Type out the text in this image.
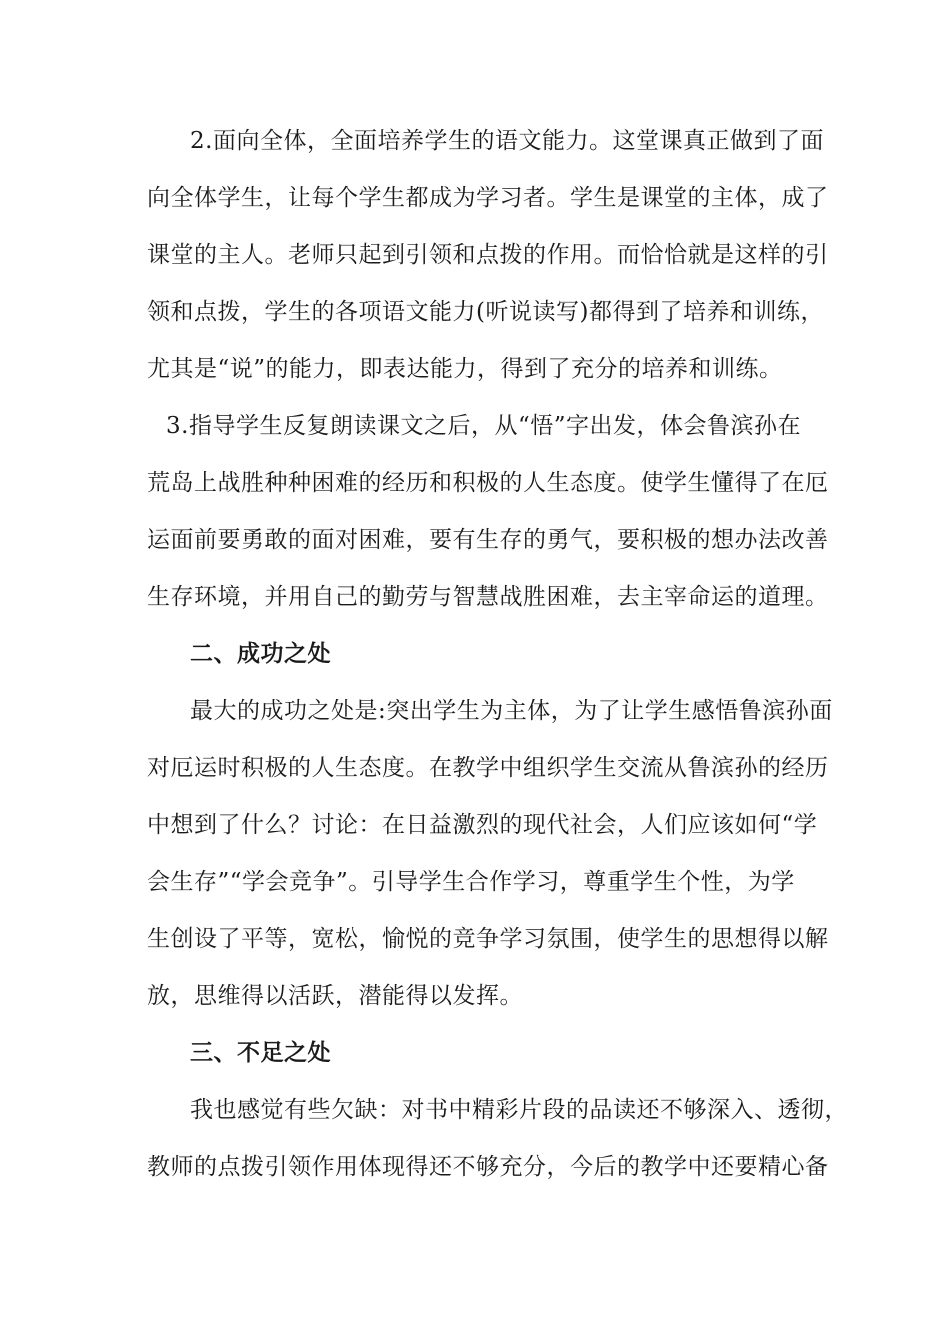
2.面向全体，全面培养学生的语文能力。这堂课真正做到了面
向全体学生，让每个学生都成为学习者。学生是课堂的主体，成了
课堂的主人。老师只起到引领和点拨的作用。而恰恰就是这样的引
领和点拨，学生的各项语文能力(听说读写)都得到了培养和训练，
尤其是“说”的能力，即表达能力，得到了充分的培养和训练。
3.指导学生反复朗读课文之后，从“悟”字出发，体会鲁滨孙在
荒岛上战胜种种困难的经历和积极的人生态度。使学生懂得了在厄
运面前要勇敢的面对困难，要有生存的勇气，要积极的想办法改善
生存环境，并用自己的勤劳与智慧战胜困难，去主宰命运的道理。
二、成功之处
最大的成功之处是:突出学生为主体，为了让学生感悟鲁滨孙面
对厄运时积极的人生态度。在教学中组织学生交流从鲁滨孙的经历
中想到了什么？讨论：在日益激烈的现代社会，人们应该如何“学
会生存”“学会竞争”。引导学生合作学习，尊重学生个性，为学
生创设了平等，宽松，愉悦的竞争学习氛围，使学生的思想得以解
放，思维得以活跃，潜能得以发挥。
三、不足之处
我也感觉有些欠缺：对书中精彩片段的品读还不够深入、透彻，
教师的点拨引领作用体现得还不够充分，今后的教学中还要精心备
